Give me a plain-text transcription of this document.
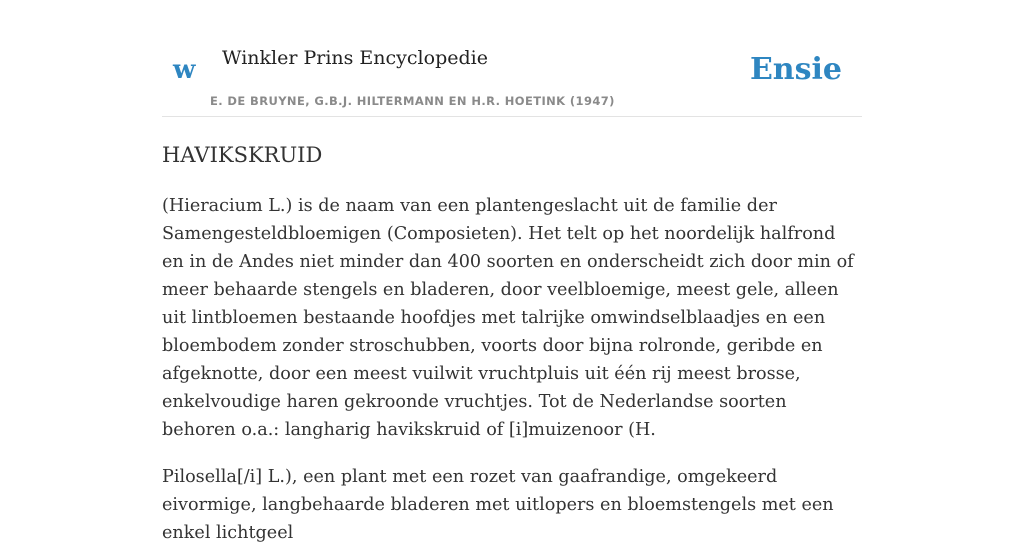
w Winkler Prins Encyclopedie
E. DE BRUYNE, G.B.J. HILTERMANN EN H.R. HOETINK (1947)
Ensie
HAVIKSKRUID

(Hieracium L.) is de naam van een plantengeslacht uit de familie der Samengesteldbloemigen (Composieten). Het telt op het noordelijk halfrond en in de Andes niet minder dan 400 soorten en onderscheidt zich door min of meer behaarde stengels en bladeren, door veelbloemige, meest gele, alleen uit lintbloemen bestaande hoofdjes met talrijke omwindselblaadjes en een bloembodem zonder stroschubben, voorts door bijna rolronde, geribde en afgeknotte, door een meest vuilwit vruchtpluis uit één rij meest brosse, enkelvoudige haren gekroonde vruchtjes. Tot de Nederlandse soorten behoren o.a.: langharig havikskruid of [i]muizenoor (H.

Pilosella[/i] L.), een plant met een rozet van gaafrandige, omgekeerd eivormige, langbehaarde bladeren met uitlopers en bloemstengels met een enkel lichtgeel
